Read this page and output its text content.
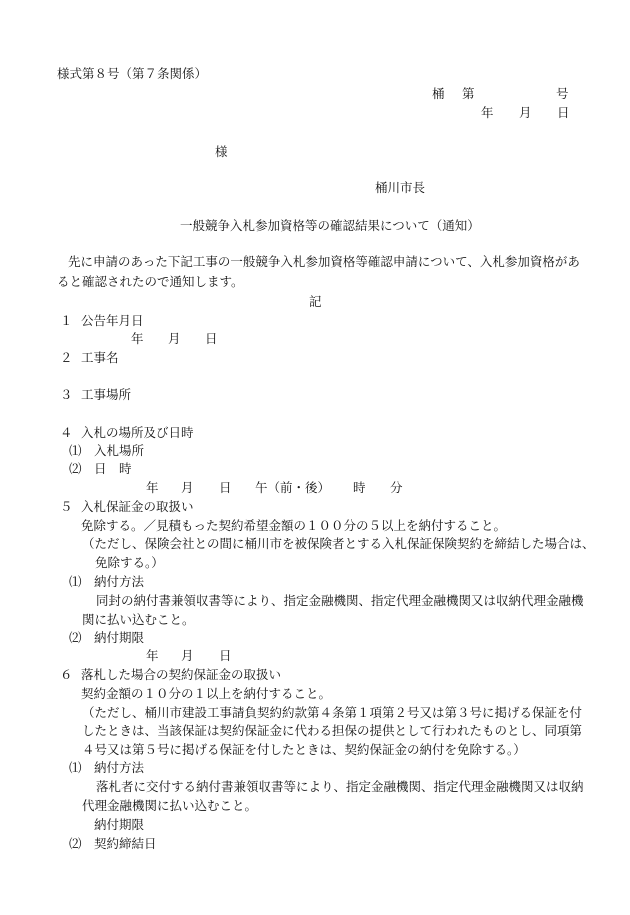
様式第８号（第７条関係）
桶 第	号
年 月 日
様
桶川市長
一般競争入札参加資格等の確認結果について（通知）
先に申請のあった下記工事の一般競争入札参加資格等確認申請について、入札参加資格があ
ると確認されたので通知します。
記
１ 公告年月日
年 月 日
２ 工事名
３ 工事場所
４ 入札の場所及び日時
⑴ 入札場所
⑵ 日　時
年 月 日 午（前・後） 時 分
５ 入札保証金の取扱い
免除する。／見積もった契約希望金額の１００分の５以上を納付すること。
（ただし、保険会社との間に桶川市を被保険者とする入札保証保険契約を締結した場合は、
免除する。）
⑴ 納付方法
同封の納付書兼領収書等により、指定金融機関、指定代理金融機関又は収納代理金融機
関に払い込むこと。
⑵ 納付期限
年 月 日
６ 落札した場合の契約保証金の取扱い
契約金額の１０分の１以上を納付すること。
（ただし、桶川市建設工事請負契約約款第４条第１項第２号又は第３号に掲げる保証を付
したときは、当該保証は契約保証金に代わる担保の提供として行われたものとし、同項第
４号又は第５号に掲げる保証を付したときは、契約保証金の納付を免除する。）
⑴ 納付方法
落札者に交付する納付書兼領収書等により、指定金融機関、指定代理金融機関又は収納
代理金融機関に払い込むこと。
納付期限
⑵ 契約締結日
